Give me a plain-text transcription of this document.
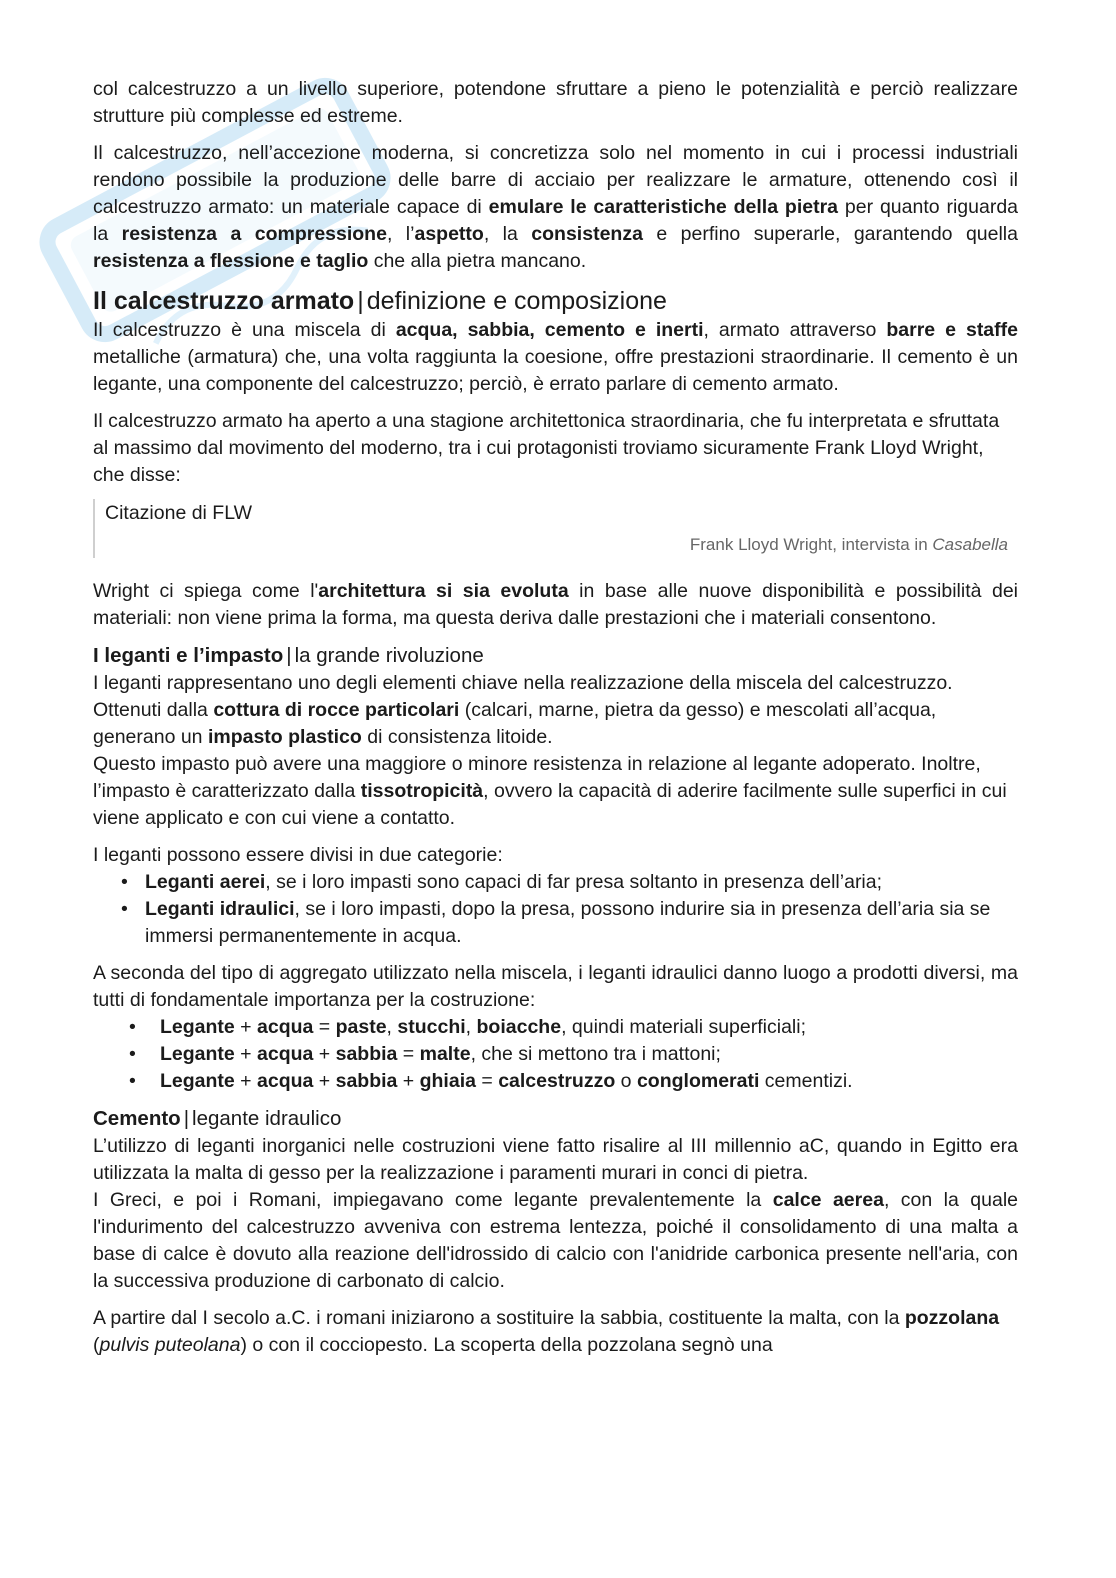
col calcestruzzo a un livello superiore, potendone sfruttare a pieno le potenzialità e perciò realizzare strutture più complesse ed estreme.

Il calcestruzzo, nell’accezione moderna, si concretizza solo nel momento in cui i processi industriali rendono possibile la produzione delle barre di acciaio per realizzare le armature, ottenendo così il calcestruzzo armato: un materiale capace di emulare le caratteristiche della pietra per quanto riguarda la resistenza a compressione, l’aspetto, la consistenza e perfino superarle, garantendo quella resistenza a flessione e taglio che alla pietra mancano.

Il calcestruzzo armato | definizione e composizione

Il calcestruzzo è una miscela di acqua, sabbia, cemento e inerti, armato attraverso barre e staffe metalliche (armatura) che, una volta raggiunta la coesione, offre prestazioni straordinarie. Il cemento è un legante, una componente del calcestruzzo; perciò, è errato parlare di cemento armato.

Il calcestruzzo armato ha aperto a una stagione architettonica straordinaria, che fu interpretata e sfruttata al massimo dal movimento del moderno, tra i cui protagonisti troviamo sicuramente Frank Lloyd Wright, che disse:

Citazione di FLW
Frank Lloyd Wright, intervista in Casabella

Wright ci spiega come l'architettura si sia evoluta in base alle nuove disponibilità e possibilità dei materiali: non viene prima la forma, ma questa deriva dalle prestazioni che i materiali consentono.

I leganti e l’impasto | la grande rivoluzione

I leganti rappresentano uno degli elementi chiave nella realizzazione della miscela del calcestruzzo. Ottenuti dalla cottura di rocce particolari (calcari, marne, pietra da gesso) e mescolati all’acqua, generano un impasto plastico di consistenza litoide.

Questo impasto può avere una maggiore o minore resistenza in relazione al legante adoperato. Inoltre, l’impasto è caratterizzato dalla tissotropicità, ovvero la capacità di aderire facilmente sulle superfici in cui viene applicato e con cui viene a contatto.

I leganti possono essere divisi in due categorie:

• Leganti aerei, se i loro impasti sono capaci di far presa soltanto in presenza dell’aria;
• Leganti idraulici, se i loro impasti, dopo la presa, possono indurire sia in presenza dell’aria sia se immersi permanentemente in acqua.

A seconda del tipo di aggregato utilizzato nella miscela, i leganti idraulici danno luogo a prodotti diversi, ma tutti di fondamentale importanza per la costruzione:

• Legante + acqua = paste, stucchi, boiacche, quindi materiali superficiali;
• Legante + acqua + sabbia = malte, che si mettono tra i mattoni;
• Legante + acqua + sabbia + ghiaia = calcestruzzo o conglomerati cementizi.
Cemento | legante idraulico

L’utilizzo di leganti inorganici nelle costruzioni viene fatto risalire al III millennio aC, quando in Egitto era utilizzata la malta di gesso per la realizzazione i paramenti murari in conci di pietra.

I Greci, e poi i Romani, impiegavano come legante prevalentemente la calce aerea, con la quale l'indurimento del calcestruzzo avveniva con estrema lentezza, poiché il consolidamento di una malta a base di calce è dovuto alla reazione dell'idrossido di calcio con l'anidride carbonica presente nell'aria, con la successiva produzione di carbonato di calcio.

A partire dal I secolo a.C. i romani iniziarono a sostituire la sabbia, costituente la malta, con la pozzolana (pulvis puteolana) o con il cocciopesto. La scoperta della pozzolana segnò una
